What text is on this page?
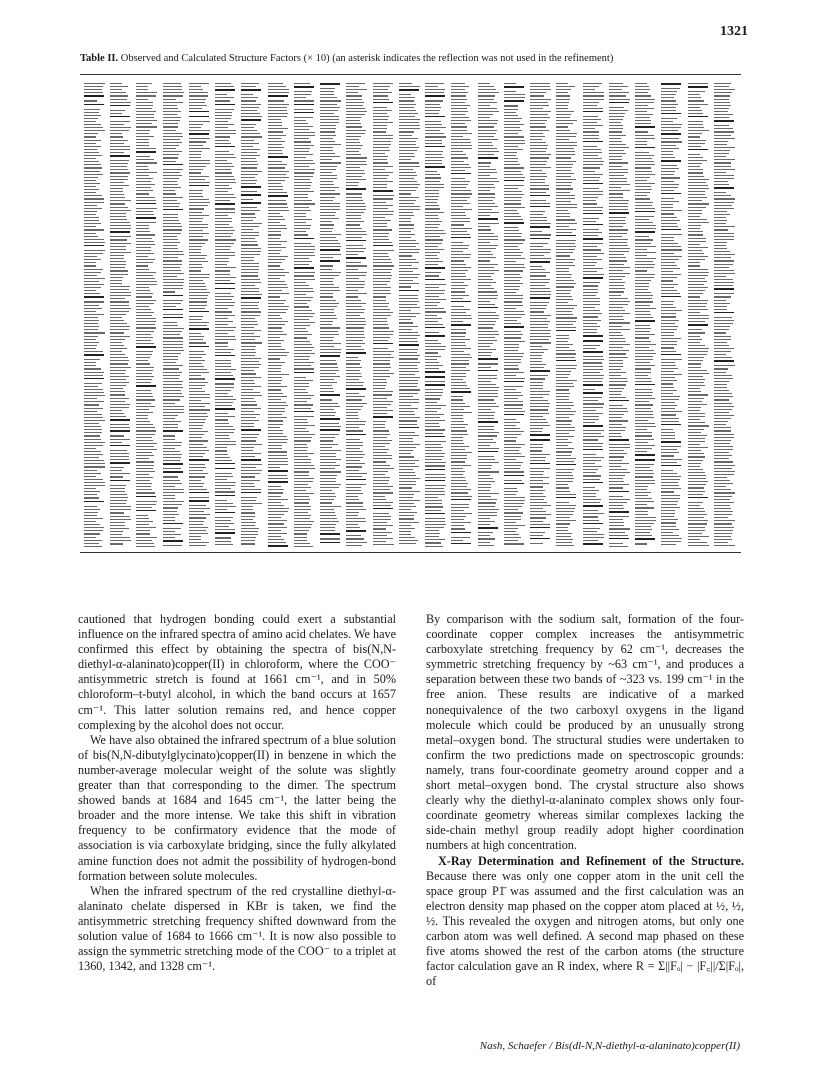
1321
Table II. Observed and Calculated Structure Factors (× 10) (an asterisk indicates the reflection was not used in the refinement)

cautioned that hydrogen bonding could exert a substantial influence on the infrared spectra of amino acid chelates. We have confirmed this effect by obtaining the spectra of bis(N,N-diethyl-α-alaninato)copper(II) in chloroform, where the COO⁻ antisymmetric stretch is found at 1661 cm⁻¹, and in 50% chloroform–t-butyl alcohol, in which the band occurs at 1657 cm⁻¹. This latter solution remains red, and hence copper complexing by the alcohol does not occur.

We have also obtained the infrared spectrum of a blue solution of bis(N,N-dibutylglycinato)copper(II) in benzene in which the number-average molecular weight of the solute was slightly greater than that corresponding to the dimer. The spectrum showed bands at 1684 and 1645 cm⁻¹, the latter being the broader and the more intense. We take this shift in vibration frequency to be confirmatory evidence that the mode of association is via carboxylate bridging, since the fully alkylated amine function does not admit the possibility of hydrogen-bond formation between solute molecules.

When the infrared spectrum of the red crystalline diethyl-α-alaninato chelate dispersed in KBr is taken, we find the antisymmetric stretching frequency shifted downward from the solution value of 1684 to 1666 cm⁻¹. It is now also possible to assign the symmetric stretching mode of the COO⁻ to a triplet at 1360, 1342, and 1328 cm⁻¹.

By comparison with the sodium salt, formation of the four-coordinate copper complex increases the antisymmetric carboxylate stretching frequency by 62 cm⁻¹, decreases the symmetric stretching frequency by ~63 cm⁻¹, and produces a separation between these two bands of ~323 vs. 199 cm⁻¹ in the free anion. These results are indicative of a marked nonequivalence of the two carboxyl oxygens in the ligand molecule which could be produced by an unusually strong metal–oxygen bond. The structural studies were undertaken to confirm the two predictions made on spectroscopic grounds: namely, trans four-coordinate geometry around copper and a short metal–oxygen bond. The crystal structure also shows clearly why the diethyl-α-alaninato complex shows only four-coordinate geometry whereas similar complexes lacking the side-chain methyl group readily adopt higher coordination numbers at high concentration.

X-Ray Determination and Refinement of the Structure. Because there was only one copper atom in the unit cell the space group P1̄ was assumed and the first calculation was an electron density map phased on the copper atom placed at ½, ½, ½. This revealed the oxygen and nitrogen atoms, but only one carbon atom was well defined. A second map phased on these five atoms showed the rest of the carbon atoms (the structure factor calculation gave an R index, where R = Σ||Fₒ| − |F꜀||/Σ|Fₒ|, of

Nash, Schaefer / Bis(dl-N,N-diethyl-α-alaninato)copper(II)
